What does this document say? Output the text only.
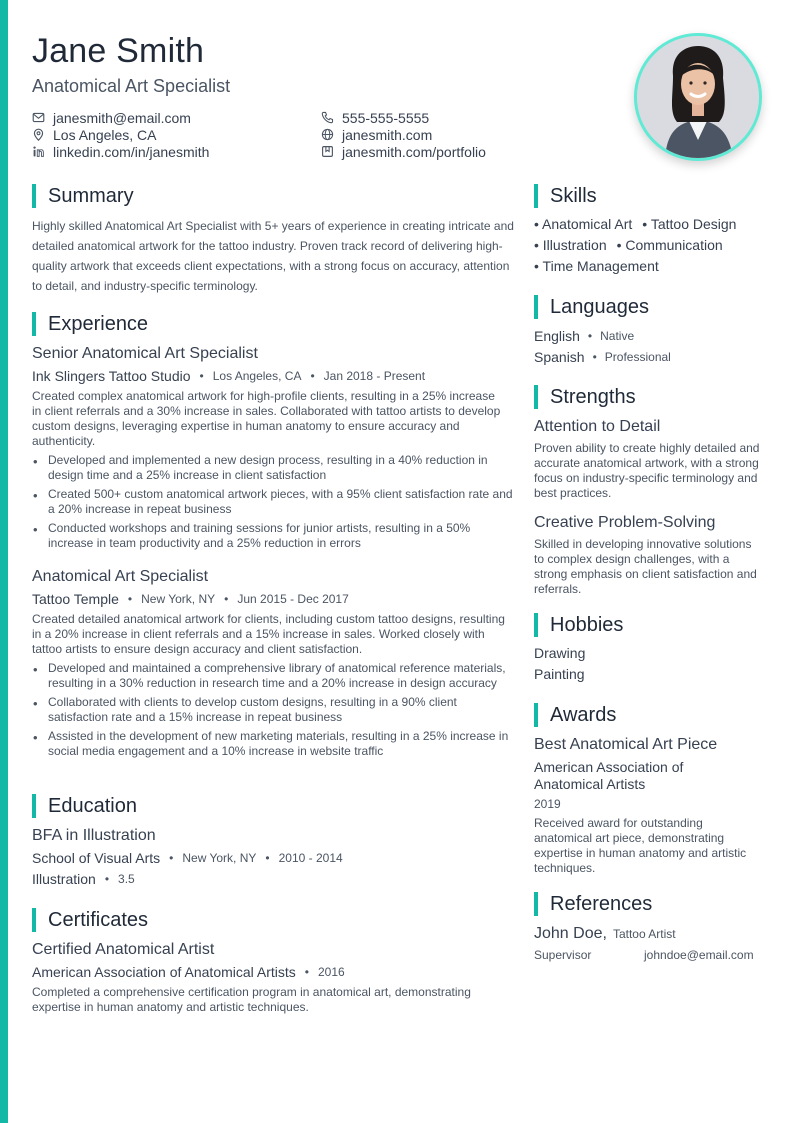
Jane Smith
Anatomical Art Specialist
janesmith@email.com	555-555-5555
Los Angeles, CA	janesmith.com
linkedin.com/in/janesmith	janesmith.com/portfolio
Summary
Highly skilled Anatomical Art Specialist with 5+ years of experience in creating intricate and detailed anatomical artwork for the tattoo industry. Proven track record of delivering high-quality artwork that exceeds client expectations, with a strong focus on accuracy, attention to detail, and industry-specific terminology.
Experience
Senior Anatomical Art Specialist
Ink Slingers Tattoo Studio • Los Angeles, CA • Jan 2018 - Present
Created complex anatomical artwork for high-profile clients, resulting in a 25% increase in client referrals and a 30% increase in sales. Collaborated with tattoo artists to develop custom designs, leveraging expertise in human anatomy to ensure accuracy and authenticity.
• Developed and implemented a new design process, resulting in a 40% reduction in design time and a 25% increase in client satisfaction
• Created 500+ custom anatomical artwork pieces, with a 95% client satisfaction rate and a 20% increase in repeat business
• Conducted workshops and training sessions for junior artists, resulting in a 50% increase in team productivity and a 25% reduction in errors
Anatomical Art Specialist
Tattoo Temple • New York, NY • Jun 2015 - Dec 2017
Created detailed anatomical artwork for clients, including custom tattoo designs, resulting in a 20% increase in client referrals and a 15% increase in sales. Worked closely with tattoo artists to ensure design accuracy and client satisfaction.
• Developed and maintained a comprehensive library of anatomical reference materials, resulting in a 30% reduction in research time and a 20% increase in design accuracy
• Collaborated with clients to develop custom designs, resulting in a 90% client satisfaction rate and a 15% increase in repeat business
• Assisted in the development of new marketing materials, resulting in a 25% increase in social media engagement and a 10% increase in website traffic
Education
BFA in Illustration
School of Visual Arts • New York, NY • 2010 - 2014
Illustration • 3.5
Certificates
Certified Anatomical Artist
American Association of Anatomical Artists • 2016
Completed a comprehensive certification program in anatomical art, demonstrating expertise in human anatomy and artistic techniques.
Skills
• Anatomical Art • Tattoo Design
• Illustration • Communication
• Time Management
Languages
English • Native
Spanish • Professional
Strengths
Attention to Detail
Proven ability to create highly detailed and accurate anatomical artwork, with a strong focus on industry-specific terminology and best practices.
Creative Problem-Solving
Skilled in developing innovative solutions to complex design challenges, with a strong emphasis on client satisfaction and referrals.
Hobbies
Drawing
Painting
Awards
Best Anatomical Art Piece
American Association of Anatomical Artists
2019
Received award for outstanding anatomical art piece, demonstrating expertise in human anatomy and artistic techniques.
References
John Doe, Tattoo Artist
Supervisor	johndoe@email.com
